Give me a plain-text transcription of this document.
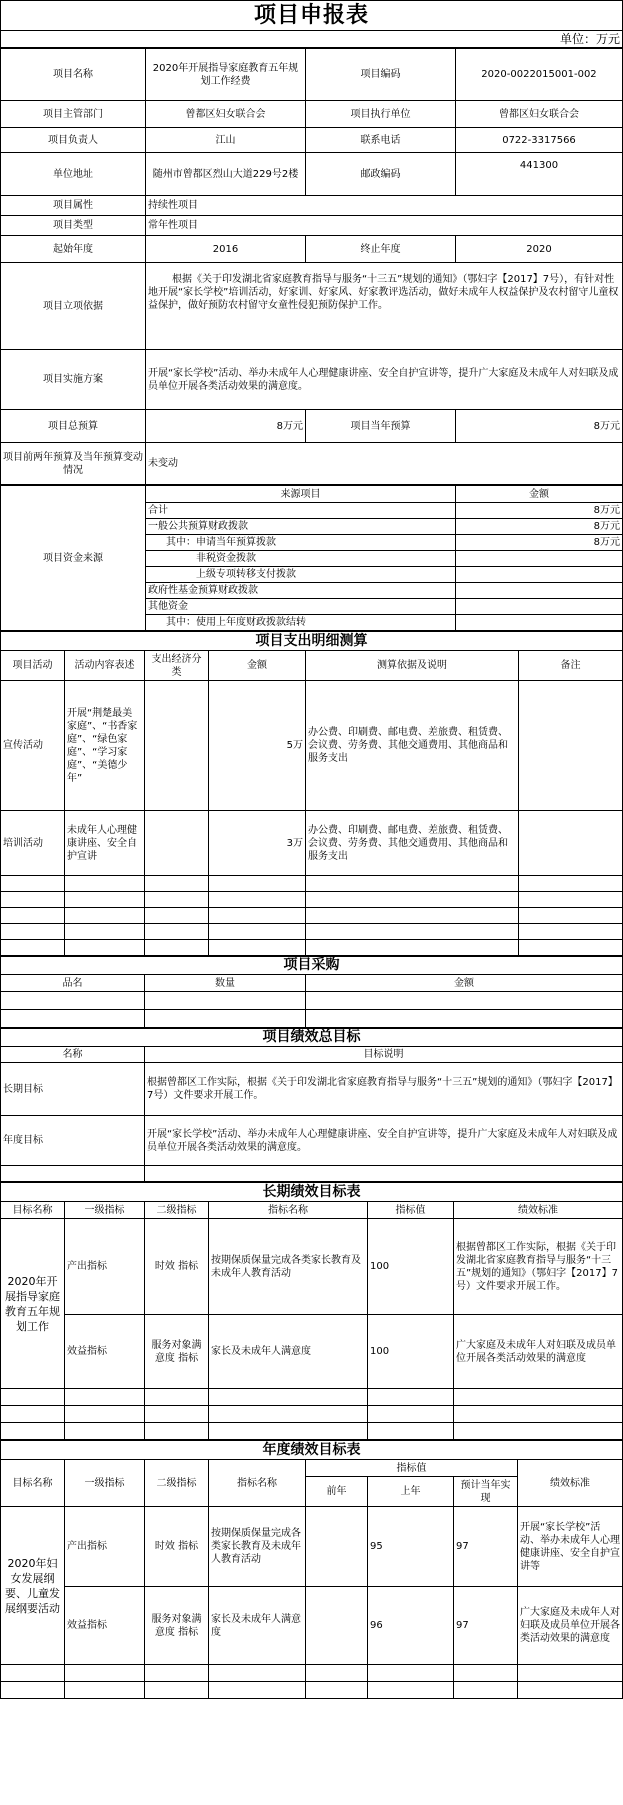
项目申报表
单位：万元
项目名称	2020年开展指导家庭教育五年规划工作经费	项目编码	2020-0022015001-002
项目主管部门	曾都区妇女联合会	项目执行单位	曾都区妇女联合会
项目负责人	江山	联系电话	0722-3317566
单位地址	随州市曾都区烈山大道229号2楼	邮政编码	441300
项目属性	持续性项目		
项目类型	常年性项目		
起始年度	2016	终止年度	2020
项目立项依据	根据《关于印发湖北省家庭教育指导与服务“十三五”规划的通知》（鄂妇字【2017】7号），有针对性地开展“家长学校”培训活动，好家训、好家风、好家教评选活动，做好未成年人权益保护及农村留守儿童权益保护，做好预防农村留守女童性侵犯预防保护工作。		
项目实施方案	开展“家长学校”活动、举办未成年人心理健康讲座、安全自护宣讲等，提升广大家庭及未成年人对妇联及成员单位开展各类活动效果的满意度。		
项目总预算	8万元	项目当年预算	8万元
项目前两年预算及当年预算变动情况	未变动		
项目资金来源	来源项目	金额
	合计	8万元
	一般公共预算财政拨款	8万元
	其中：申请当年预算拨款	8万元
	非税资金拨款	
	上级专项转移支付拨款	
	政府性基金预算财政拨款	
	其他资金	
	其中：使用上年度财政拨款结转	
项目支出明细测算					
项目活动	活动内容表述	支出经济分类	金额	测算依据及说明	备注
宣传活动	开展“荆楚最美家庭”、“书香家庭”、“绿色家庭”、“学习家庭”、“美德少年”		5万	办公费、印刷费、邮电费、差旅费、租赁费、会议费、劳务费、其他交通费用、其他商品和服务支出	
培训活动	未成年人心理健康讲座、安全自护宣讲		3万	办公费、印刷费、邮电费、差旅费、租赁费、会议费、劳务费、其他交通费用、其他商品和服务支出	

项目采购		
品名	数量	金额

项目绩效总目标	
名称	目标说明
长期目标	根据曾都区工作实际，根据《关于印发湖北省家庭教育指导与服务“十三五”规划的通知》（鄂妇字【2017】7号）文件要求开展工作。
年度目标	开展“家长学校”活动、举办未成年人心理健康讲座、安全自护宣讲等，提升广大家庭及未成年人对妇联及成员单位开展各类活动效果的满意度。

长期绩效目标表					
目标名称	一级指标	二级指标	指标名称	指标值	绩效标准
2020年开展指导家庭教育五年规划工作	产出指标	时效 指标	按期保质保量完成各类家长教育及未成年人教育活动	100	根据曾都区工作实际，根据《关于印发湖北省家庭教育指导与服务“十三五”规划的通知》（鄂妇字【2017】7号）文件要求开展工作。
	效益指标	服务对象满意度 指标	家长及未成年人满意度	100	广大家庭及未成年人对妇联及成员单位开展各类活动效果的满意度

年度绩效目标表							
目标名称	一级指标	二级指标	指标名称	指标值			绩效标准
				前年	上年	预计当年实现	
2020年妇女发展纲要、儿童发展纲要活动	产出指标	时效 指标	按期保质保量完成各类家长教育及未成年人教育活动		95	97	开展“家长学校”活动、举办未成年人心理健康讲座、安全自护宣讲等
	效益指标	服务对象满意度 指标	家长及未成年人满意度		96	97	广大家庭及未成年人对妇联及成员单位开展各类活动效果的满意度
